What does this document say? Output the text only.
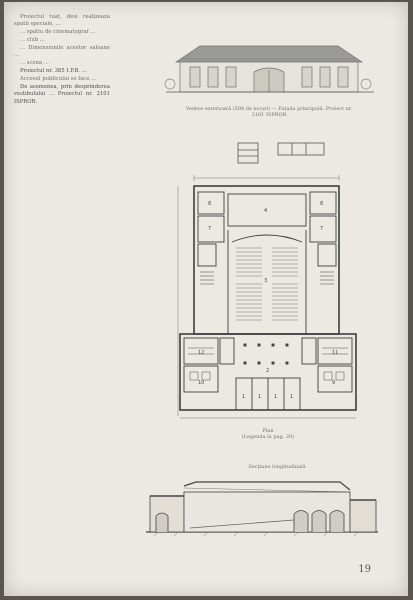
Proiectul tuat, desi realizeaza spatii speciale, ...

... spatiu de cinematograf ...

... club ...

... Dimensiunile acestor saloane ...

... scena ...

Proiectul nr. 385 I.P.B. ...

Accesul publicului se face ...

De asemenea, prin desprinderea vestibulului ... Proiectul nr. 2101 ISPROR.

Vedere exterioară (508 de locuri) — Fațada principală. Proiect nr. 2101 ISPROR
8
7
8
7
4
3
12	11
10	9
2
1	1	1	1
Plan
(Legenda la pag. 20)
Secțiune longitudinală
19
